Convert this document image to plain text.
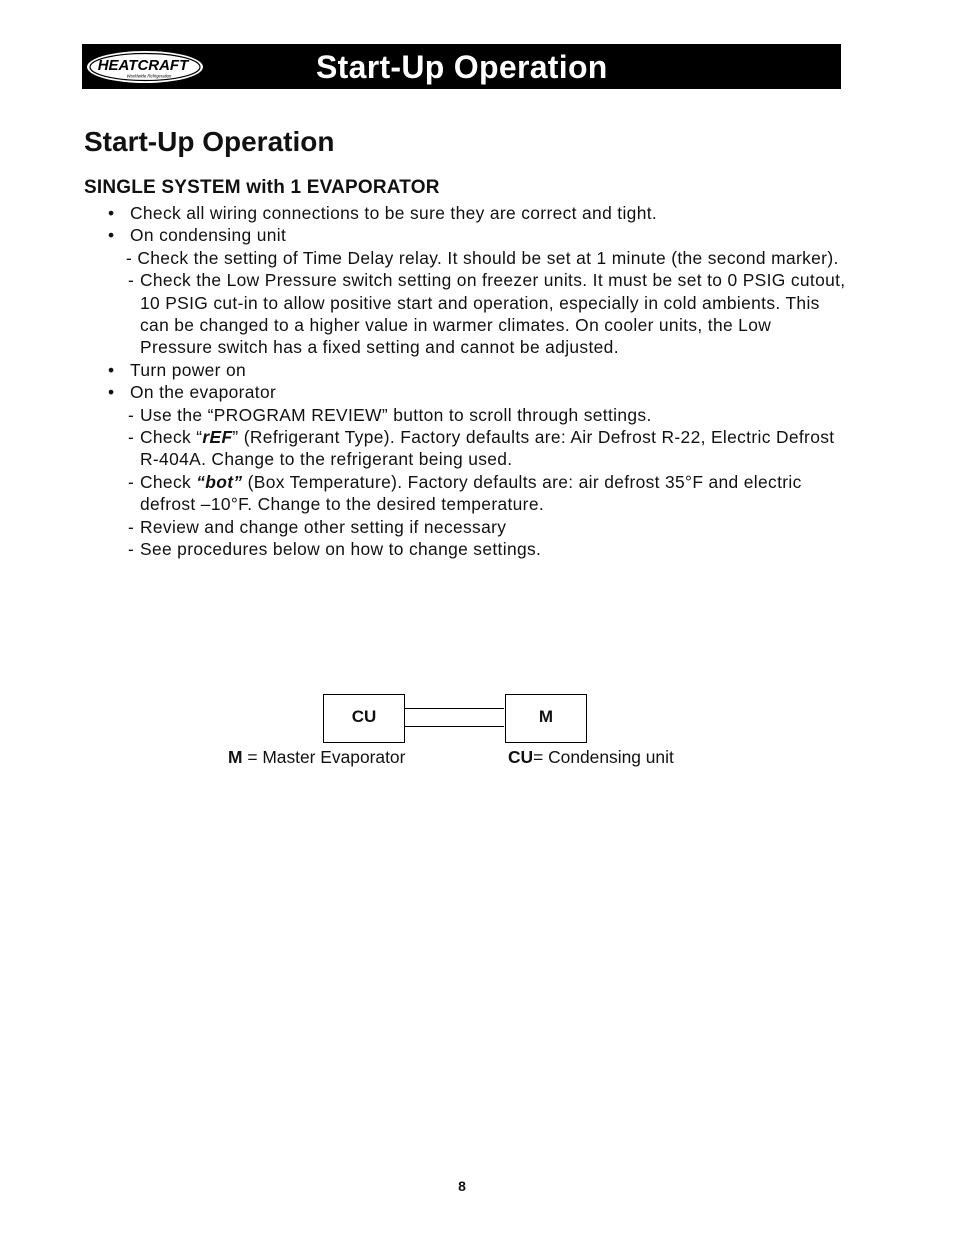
HEATCRAFT
Worldwide Refrigeration	Start-Up Operation
Start-Up Operation
SINGLE SYSTEM with 1 EVAPORATOR
• Check all wiring connections to be sure they are correct and tight.
• On condensing unit
- Check the setting of Time Delay relay. It should be set at 1 minute (the second marker).
- Check the Low Pressure switch setting on freezer units. It must be set to 0 PSIG cutout, 10 PSIG cut-in to allow positive start and operation, especially in cold ambients. This can be changed to a higher value in warmer climates. On cooler units, the Low Pressure switch has a fixed setting and cannot be adjusted.
• Turn power on
• On the evaporator
- Use the “PROGRAM REVIEW” button to scroll through settings.
- Check “rEF” (Refrigerant Type). Factory defaults are: Air Defrost R-22, Electric Defrost R-404A. Change to the refrigerant being used.
- Check “bot” (Box Temperature). Factory defaults are: air defrost 35°F and electric defrost –10°F. Change to the desired temperature.
- Review and change other setting if necessary
- See procedures below on how to change settings.
CU	M
M = Master Evaporator	CU= Condensing unit
8
